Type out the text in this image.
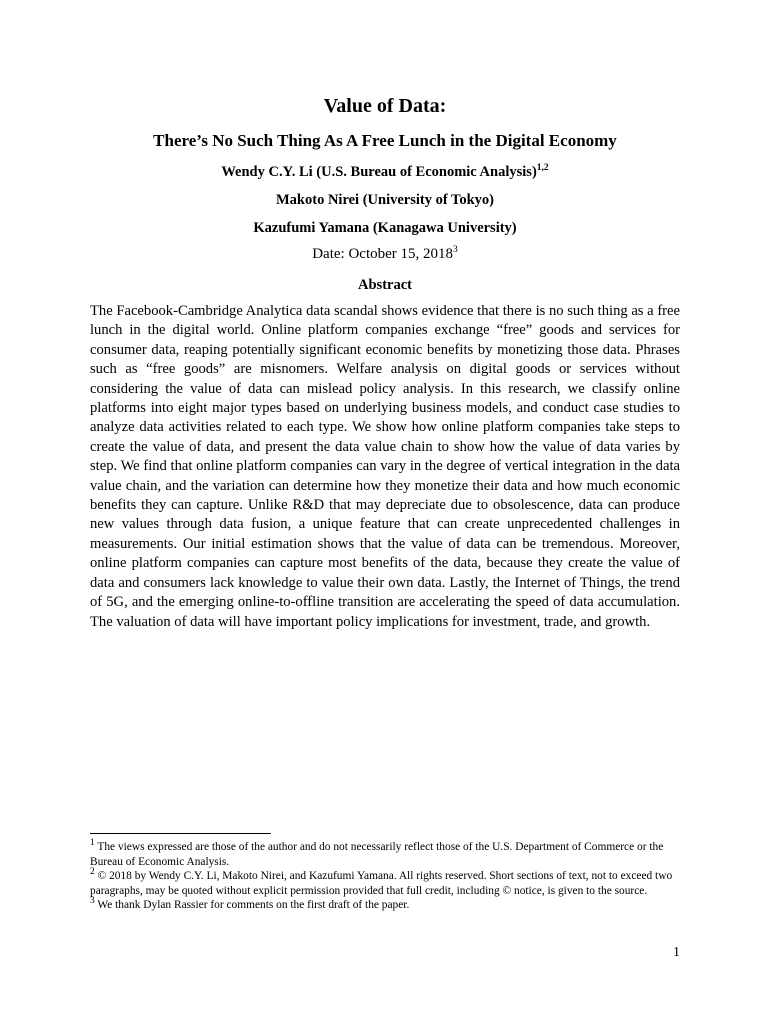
Value of Data:
There’s No Such Thing As A Free Lunch in the Digital Economy
Wendy C.Y. Li (U.S. Bureau of Economic Analysis)$^{1,2}$
Makoto Nirei (University of Tokyo)
Kazufumi Yamana (Kanagawa University)
Date: October 15, 2018$^3$
Abstract

The Facebook-Cambridge Analytica data scandal shows evidence that there is no such thing as a free lunch in the digital world. Online platform companies exchange “free” goods and services for consumer data, reaping potentially significant economic benefits by monetizing those data. Phrases such as “free goods” are misnomers. Welfare analysis on digital goods or services without considering the value of data can mislead policy analysis. In this research, we classify online platforms into eight major types based on underlying business models, and conduct case studies to analyze data activities related to each type. We show how online platform companies take steps to create the value of data, and present the data value chain to show how the value of data varies by step. We find that online platform companies can vary in the degree of vertical integration in the data value chain, and the variation can determine how they monetize their data and how much economic benefits they can capture. Unlike R&D that may depreciate due to obsolescence, data can produce new values through data fusion, a unique feature that can create unprecedented challenges in measurements. Our initial estimation shows that the value of data can be tremendous. Moreover, online platform companies can capture most benefits of the data, because they create the value of data and consumers lack knowledge to value their own data. Lastly, the Internet of Things, the trend of 5G, and the emerging online-to-offline transition are accelerating the speed of data accumulation. The valuation of data will have important policy implications for investment, trade, and growth.

$^1$ The views expressed are those of the author and do not necessarily reflect those of the U.S. Department of Commerce or the Bureau of Economic Analysis.

$^2$ © 2018 by Wendy C.Y. Li, Makoto Nirei, and Kazufumi Yamana. All rights reserved. Short sections of text, not to exceed two paragraphs, may be quoted without explicit permission provided that full credit, including © notice, is given to the source.

$^3$ We thank Dylan Rassier for comments on the first draft of the paper.

1
